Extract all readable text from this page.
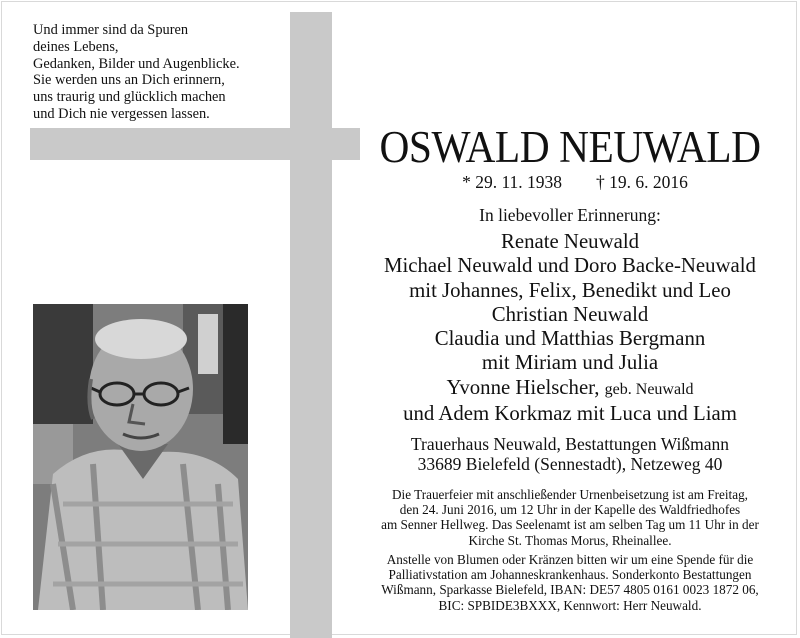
Und immer sind da Spuren
deines Lebens,
Gedanken, Bilder und Augenblicke.
Sie werden uns an Dich erinnern,
uns traurig und glücklich machen
und Dich nie vergessen lassen.
OSWALD NEUWALD
* 29. 11. 1938 † 19. 6. 2016
In liebevoller Erinnerung:
Renate Neuwald
Michael Neuwald und Doro Backe-Neuwald
mit Johannes, Felix, Benedikt und Leo
Christian Neuwald
Claudia und Matthias Bergmann
mit Miriam und Julia
Yvonne Hielscher, geb. Neuwald
und Adem Korkmaz mit Luca und Liam
Trauerhaus Neuwald, Bestattungen Wißmann
33689 Bielefeld (Sennestadt), Netzeweg 40
Die Trauerfeier mit anschließender Urnenbeisetzung ist am Freitag,
den 24. Juni 2016, um 12 Uhr in der Kapelle des Waldfriedhofes
am Senner Hellweg. Das Seelenamt ist am selben Tag um 11 Uhr in der
Kirche St. Thomas Morus, Rheinallee.
Anstelle von Blumen oder Kränzen bitten wir um eine Spende für die
Palliativstation am Johanneskrankenhaus. Sonderkonto Bestattungen
Wißmann, Sparkasse Bielefeld, IBAN: DE57 4805 0161 0023 1872 06,
BIC: SPBIDE3BXXX, Kennwort: Herr Neuwald.
